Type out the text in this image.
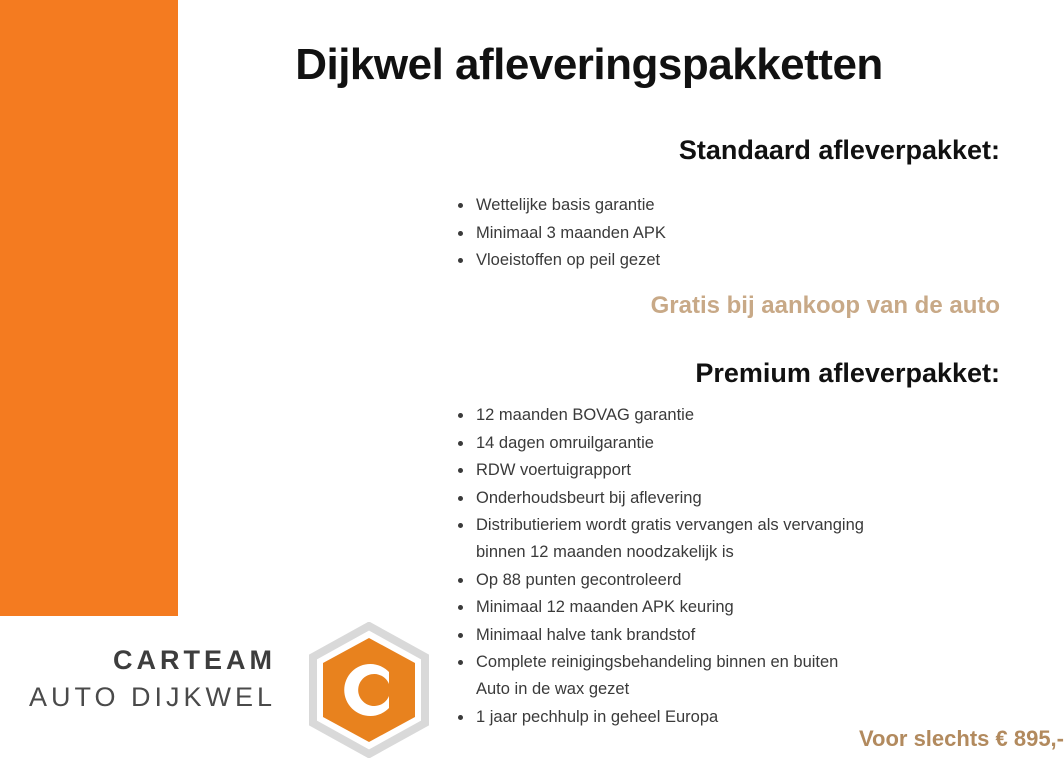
Dijkwel afleveringspakketten
Standaard afleverpakket:
Wettelijke basis garantie
Minimaal 3 maanden APK
Vloeistoffen op peil gezet
Gratis bij aankoop van de auto
Premium afleverpakket:
12 maanden BOVAG garantie
14 dagen omruilgarantie
RDW voertuigrapport
Onderhoudsbeurt bij aflevering
Distributieriem wordt gratis vervangen als vervanging
binnen 12 maanden noodzakelijk is
Op 88 punten gecontroleerd
Minimaal 12 maanden APK keuring
Minimaal halve tank brandstof
Complete reinigingsbehandeling binnen en buiten
Auto in de wax gezet
1 jaar pechhulp in geheel Europa
Voor slechts € 895,-
CARTEAM
AUTO DIJKWEL
